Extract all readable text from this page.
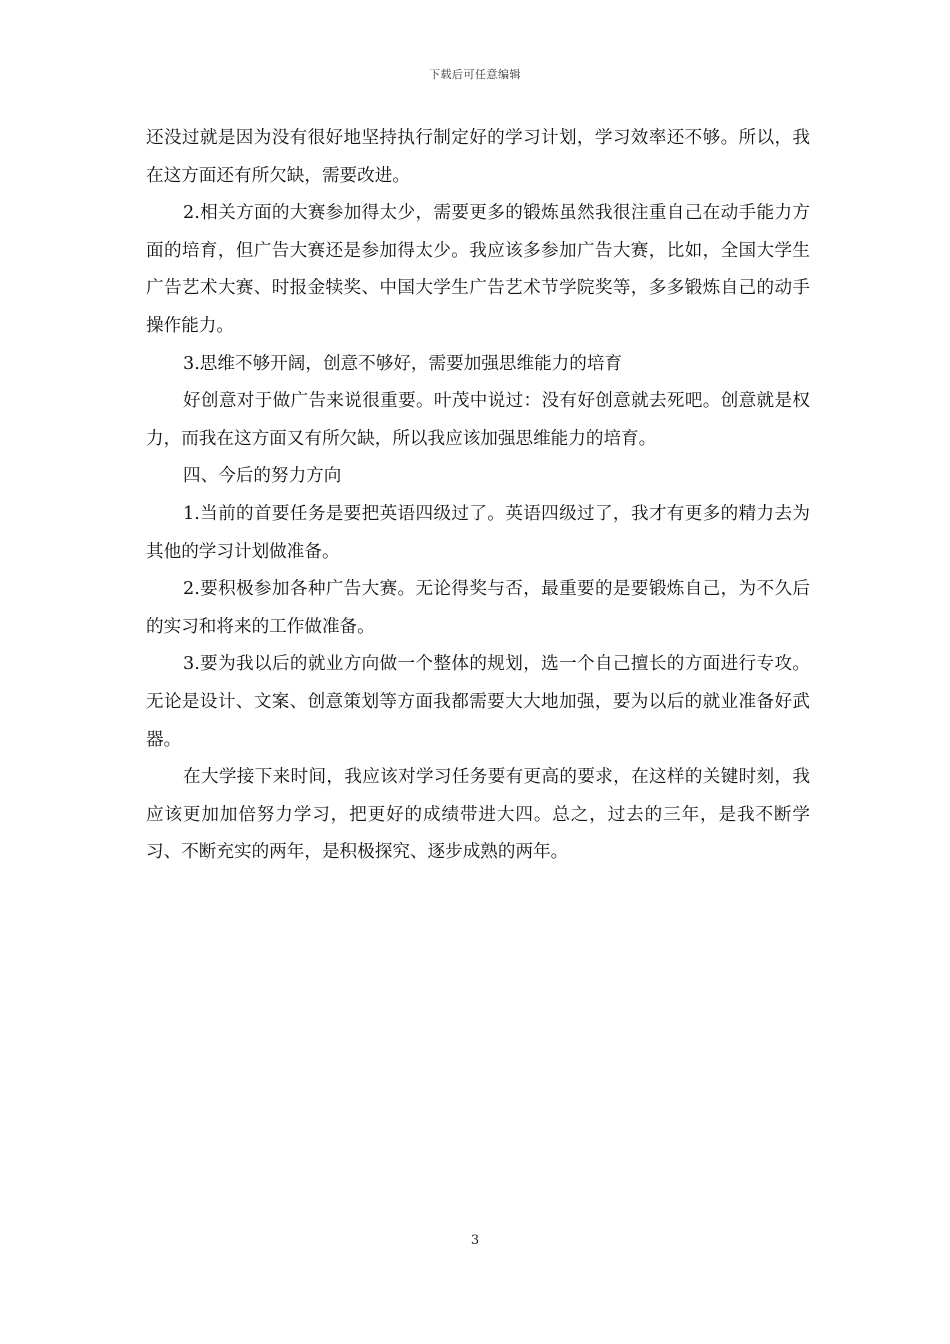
下载后可任意编辑

还没过就是因为没有很好地坚持执行制定好的学习计划，学习效率还不够。所以，我在这方面还有所欠缺，需要改进。

2.相关方面的大赛参加得太少，需要更多的锻炼虽然我很注重自己在动手能力方面的培育，但广告大赛还是参加得太少。我应该多参加广告大赛，比如，全国大学生广告艺术大赛、时报金犊奖、中国大学生广告艺术节学院奖等，多多锻炼自己的动手操作能力。

3.思维不够开阔，创意不够好，需要加强思维能力的培育

好创意对于做广告来说很重要。叶茂中说过：没有好创意就去死吧。创意就是权力，而我在这方面又有所欠缺，所以我应该加强思维能力的培育。

四、今后的努力方向

1.当前的首要任务是要把英语四级过了。英语四级过了，我才有更多的精力去为其他的学习计划做准备。

2.要积极参加各种广告大赛。无论得奖与否，最重要的是要锻炼自己，为不久后的实习和将来的工作做准备。

3.要为我以后的就业方向做一个整体的规划，选一个自己擅长的方面进行专攻。无论是设计、文案、创意策划等方面我都需要大大地加强，要为以后的就业准备好武器。

在大学接下来时间，我应该对学习任务要有更高的要求，在这样的关键时刻，我应该更加加倍努力学习，把更好的成绩带进大四。总之，过去的三年，是我不断学习、不断充实的两年，是积极探究、逐步成熟的两年。

3
